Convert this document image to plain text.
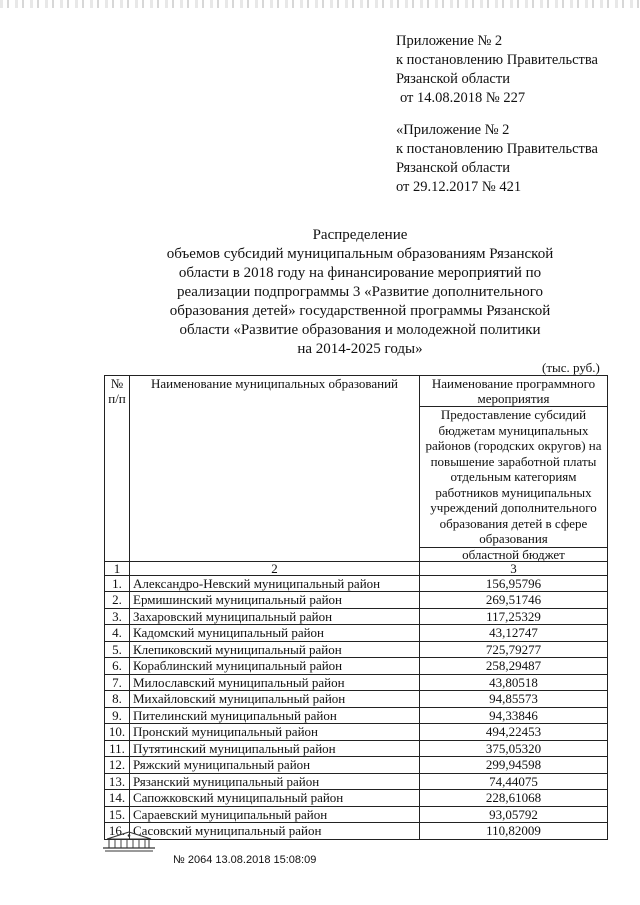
Приложение № 2
к постановлению Правительства
Рязанской области
от 14.08.2018 № 227
«Приложение № 2
к постановлению Правительства
Рязанской области
от 29.12.2017 № 421
Распределение
объемов субсидий муниципальным образованиям Рязанской
области в 2018 году на финансирование мероприятий по
реализации подпрограммы 3 «Развитие дополнительного
образования детей» государственной программы Рязанской
области «Развитие образования и молодежной политики
на 2014-2025 годы»
(тыс. руб.)
№ п/п	Наименование муниципальных образований	Наименование программного мероприятия
		Предоставление субсидий бюджетам муниципальных районов (городских округов) на повышение заработной платы отдельным категориям работников муниципальных учреждений дополнительного образования детей в сфере образования
		областной бюджет
1	2	3
1.	Александро-Невский муниципальный район	156,95796
2.	Ермишинский муниципальный район	269,51746
3.	Захаровский муниципальный район	117,25329
4.	Кадомский муниципальный район	43,12747
5.	Клепиковский муниципальный район	725,79277
6.	Кораблинский муниципальный район	258,29487
7.	Милославский муниципальный район	43,80518
8.	Михайловский муниципальный район	94,85573
9.	Пителинский муниципальный район	94,33846
10.	Пронский муниципальный район	494,22453
11.	Путятинский муниципальный район	375,05320
12.	Ряжский муниципальный район	299,94598
13.	Рязанский муниципальный район	74,44075
14.	Сапожковский муниципальный район	228,61068
15.	Сараевский муниципальный район	93,05792
16.	Сасовский муниципальный район	110,82009
№ 2064 13.08.2018 15:08:09
